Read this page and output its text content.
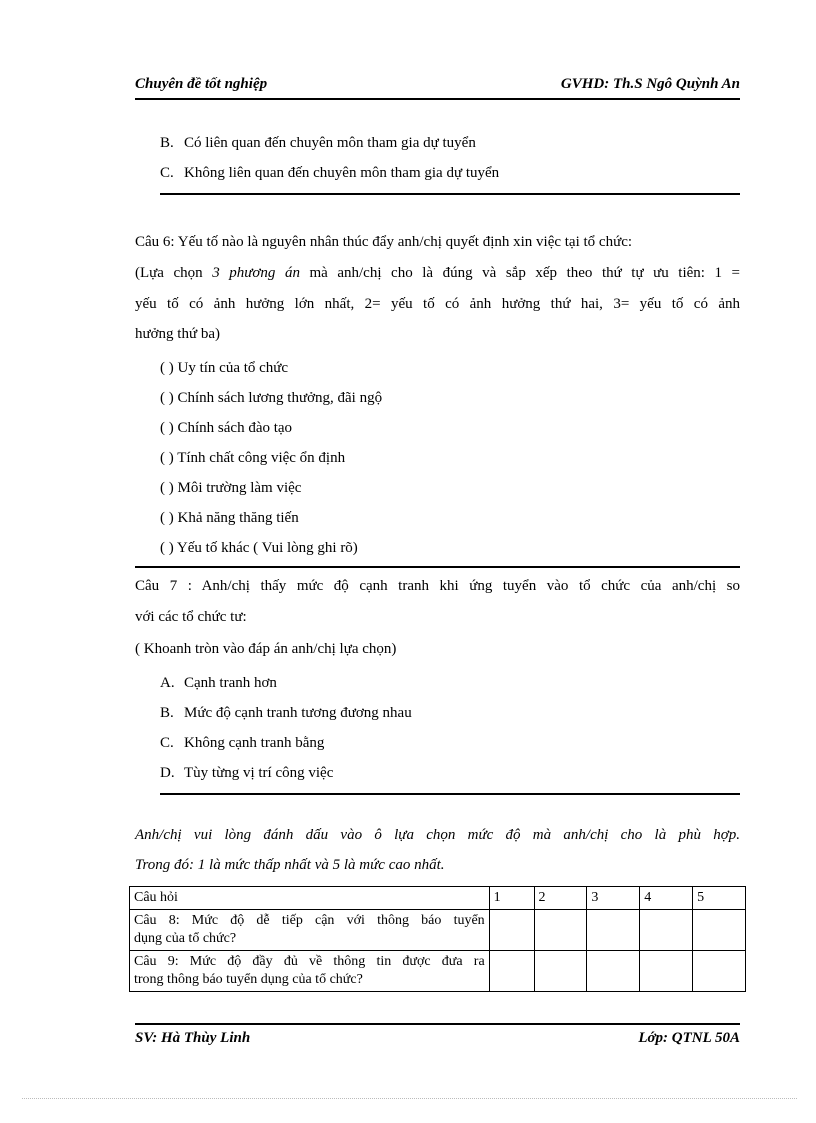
Chuyên đề tốt nghiệp	GVHD: Th.S Ngô Quỳnh An
B. Có liên quan đến chuyên môn tham gia dự tuyển
C. Không liên quan đến chuyên môn tham gia dự tuyển
Câu 6: Yếu tố nào là nguyên nhân thúc đẩy anh/chị quyết định xin việc tại tổ chức:
(Lựa chọn 3 phương án mà anh/chị cho là đúng và sắp xếp theo thứ tự ưu tiên: 1 =
yếu tố có ảnh hưởng lớn nhất, 2= yếu tố có ảnh hưởng thứ hai, 3= yếu tố có ảnh
hưởng thứ ba)
( ) Uy tín của tổ chức
( ) Chính sách lương thưởng, đãi ngộ
( ) Chính sách đào tạo
( ) Tính chất công việc ổn định
( ) Môi trường làm việc
( ) Khả năng thăng tiến
( ) Yếu tố khác ( Vui lòng ghi rõ)
Câu 7 : Anh/chị thấy mức độ cạnh tranh khi ứng tuyển vào tổ chức của anh/chị so
với các tổ chức tư:
( Khoanh tròn vào đáp án anh/chị lựa chọn)
A. Cạnh tranh hơn
B. Mức độ cạnh tranh tương đương nhau
C. Không cạnh tranh bằng
D. Tùy từng vị trí công việc
Anh/chị vui lòng đánh dấu vào ô lựa chọn mức độ mà anh/chị cho là phù hợp.
Trong đó: 1 là mức thấp nhất và 5 là mức cao nhất.
Câu hỏi	1	2	3	4	5

Câu 8: Mức độ dễ tiếp cận với thông báo tuyển
dụng của tổ chức?					

Câu 9: Mức độ đầy đủ về thông tin được đưa ra
trong thông báo tuyển dụng của tổ chức?					

SV: Hà Thùy Linh	Lớp: QTNL 50A
